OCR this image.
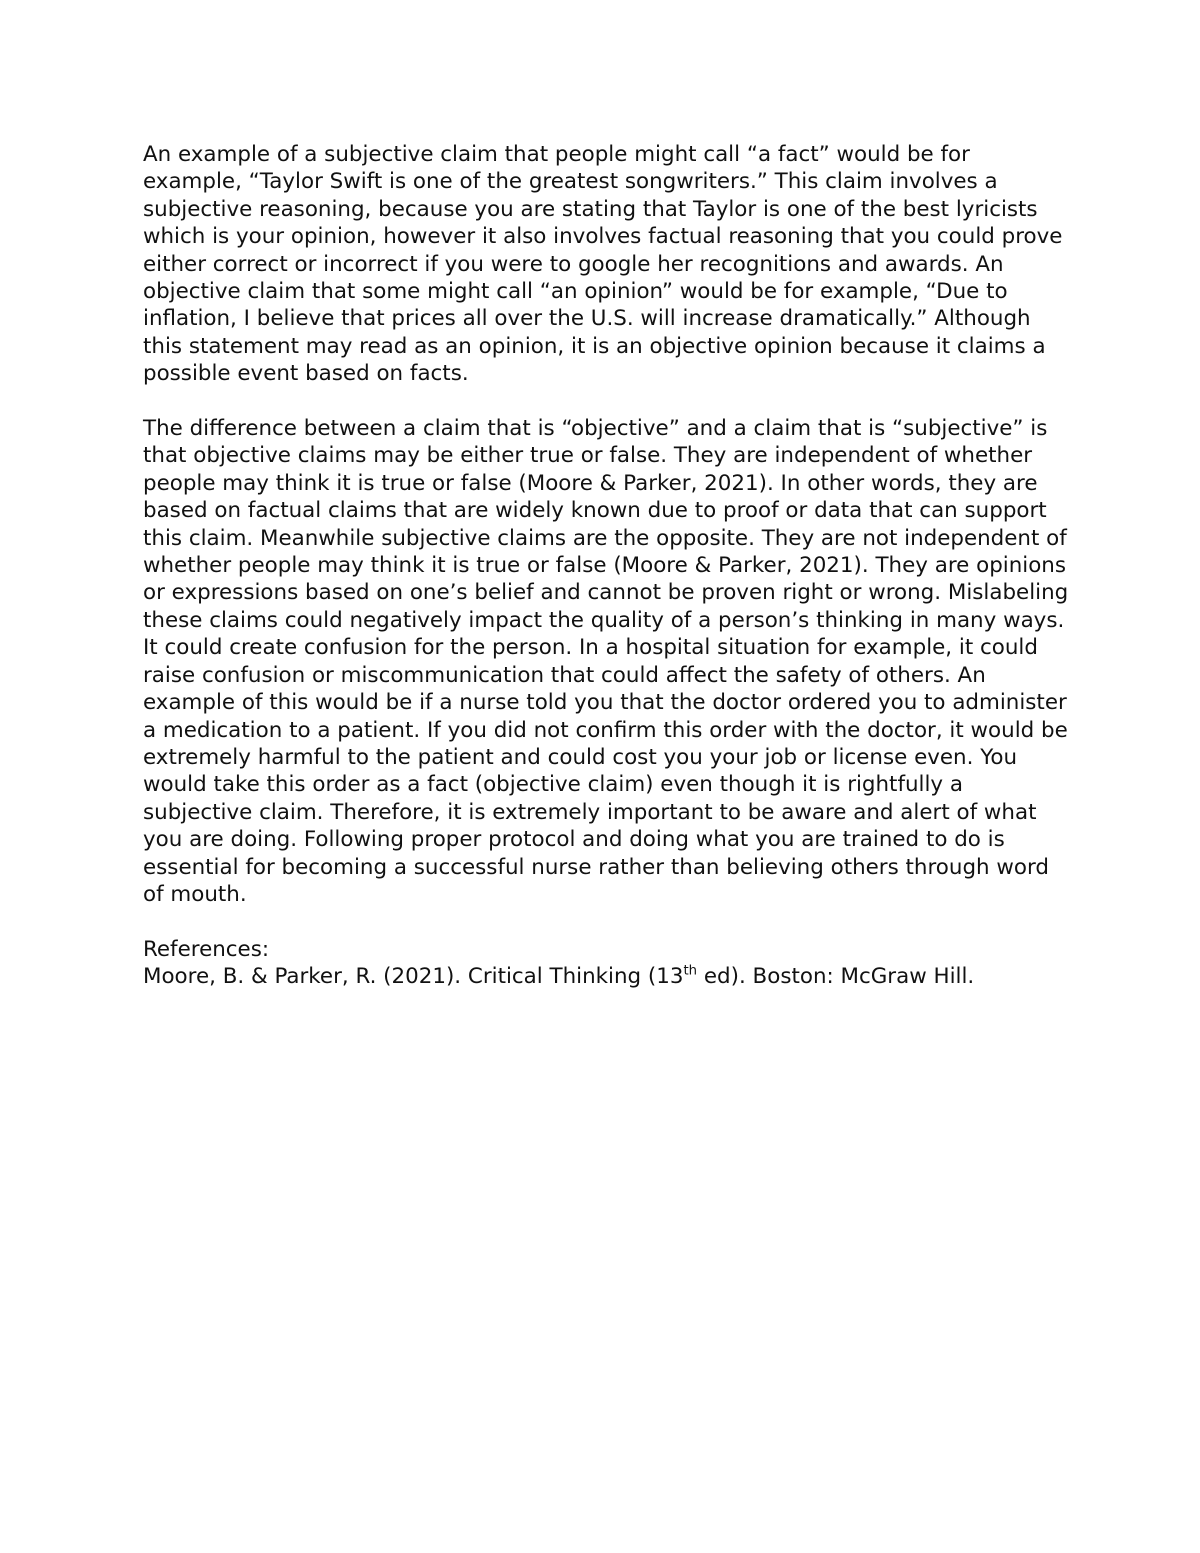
An example of a subjective claim that people might call “a fact” would be for example, “Taylor Swift is one of the greatest songwriters.” This claim involves a subjective reasoning, because you are stating that Taylor is one of the best lyricists which is your opinion, however it also involves factual reasoning that you could prove either correct or incorrect if you were to google her recognitions and awards. An objective claim that some might call “an opinion” would be for example, “Due to inflation, I believe that prices all over the U.S. will increase dramatically.” Although this statement may read as an opinion, it is an objective opinion because it claims a possible event based on facts.

The difference between a claim that is “objective” and a claim that is “subjective” is that objective claims may be either true or false. They are independent of whether people may think it is true or false (Moore & Parker, 2021). In other words, they are based on factual claims that are widely known due to proof or data that can support this claim. Meanwhile subjective claims are the opposite. They are not independent of whether people may think it is true or false (Moore & Parker, 2021). They are opinions or expressions based on one’s belief and cannot be proven right or wrong. Mislabeling these claims could negatively impact the quality of a person’s thinking in many ways. It could create confusion for the person. In a hospital situation for example, it could raise confusion or miscommunication that could affect the safety of others. An example of this would be if a nurse told you that the doctor ordered you to administer a medication to a patient. If you did not confirm this order with the doctor, it would be extremely harmful to the patient and could cost you your job or license even. You would take this order as a fact (objective claim) even though it is rightfully a subjective claim. Therefore, it is extremely important to be aware and alert of what you are doing. Following proper protocol and doing what you are trained to do is essential for becoming a successful nurse rather than believing others through word of mouth.

References:
Moore, B. & Parker, R. (2021). Critical Thinking (13th ed). Boston: McGraw Hill.
